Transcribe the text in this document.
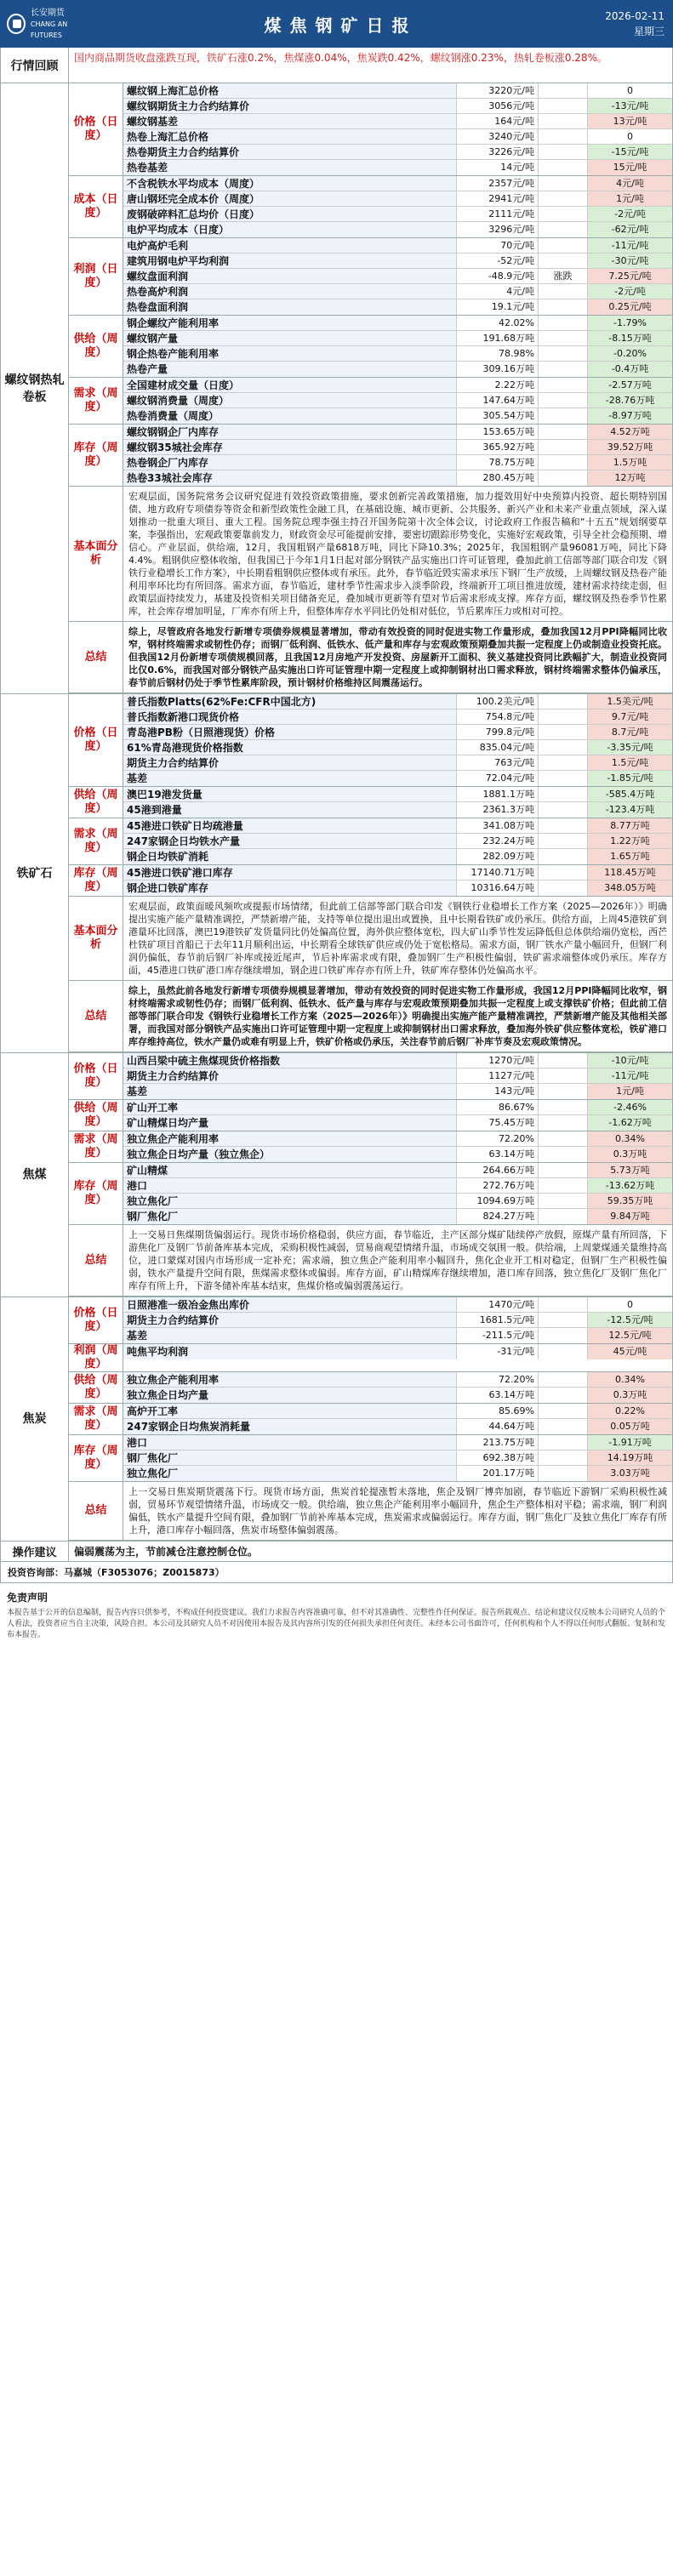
长安期货
CHANG AN FUTURES	煤焦钢矿日报	2026-02-11
星期三
行情回顾
国内商品期货收盘涨跌互现，铁矿石涨0.2%，焦煤涨0.04%，焦炭跌0.42%，螺纹钢涨0.23%，热轧卷板涨0.28%。
螺纹钢热轧卷板
价格（日度）
螺纹钢上海汇总价格	3220元/吨	0
螺纹钢期货主力合约结算价	3056元/吨	-13元/吨
螺纹钢基差	164元/吨	13元/吨
热卷上海汇总价格	3240元/吨	0
热卷期货主力合约结算价	3226元/吨	-15元/吨
热卷基差	14元/吨	15元/吨
成本（日度）
不含税铁水平均成本（周度）	2357元/吨	4元/吨
唐山钢坯完全成本价（周度）	2941元/吨	1元/吨
废钢破碎料汇总均价（日度）	2111元/吨	-2元/吨
电炉平均成本（日度）	3296元/吨	-62元/吨
利润（日度）
电炉高炉毛利	70元/吨	-11元/吨
建筑用钢电炉平均利润	-52元/吨	-30元/吨
螺纹盘面利润	-48.9元/吨	涨跌	7.25元/吨
热卷高炉利润	4元/吨	-2元/吨
热卷盘面利润	19.1元/吨	0.25元/吨
供给（周度）
钢企螺纹产能利用率	42.02%	-1.79%
螺纹钢产量	191.68万吨	-8.15万吨
钢企热卷产能利用率	78.98%	-0.20%
热卷产量	309.16万吨	-0.4万吨
需求（周度）
全国建材成交量（日度）	2.22万吨	-2.57万吨
螺纹钢消费量（周度）	147.64万吨	-28.76万吨
热卷消费量（周度）	305.54万吨	-8.97万吨
库存（周度）
螺纹钢钢企厂内库存	153.65万吨	4.52万吨
螺纹钢35城社会库存	365.92万吨	39.52万吨
热卷钢企厂内库存	78.75万吨	1.5万吨
热卷33城社会库存	280.45万吨	12万吨
基本面分析
宏观层面，国务院常务会议研究促进有效投资政策措施，要求创新完善政策措施，加力提效用好中央预算内投资、超长期特别国债、地方政府专项债券等资金和新型政策性金融工具，在基础设施、城市更新、公共服务、新兴产业和未来产业重点领域，深入谋划推动一批重大项目、重大工程。国务院总理李强主持召开国务院第十次全体会议，讨论政府工作报告稿和“十五五”规划纲要草案，李强指出，宏观政策要靠前发力，财政资金尽可能提前安排，要密切跟踪形势变化，实施好宏观政策，引导全社会稳预期、增信心。产业层面，供给端，12月，我国粗钢产量6818万吨，同比下降10.3%；2025年，我国粗钢产量96081万吨，同比下降4.4%。粗钢供应整体收缩，但我国已于今年1月1日起对部分钢铁产品实施出口许可证管理，叠加此前工信部等部门联合印发《钢铁行业稳增长工作方案》，中长期看粗钢供应整体或有承压。此外，春节临近毁实需求承压下钢厂生产放缓，上周螺纹钢及热卷产能利用率环比均有所回落。需求方面，春节临近，建材季节性需求步入淡季阶段，终端新开工项目推进放缓，建材需求持续走弱，但政策层面持续发力，基建及投资相关项目储备充足，叠加城市更新等有望对节后需求形成支撑。库存方面，螺纹钢及热卷季节性累库，社会库存增加明显，厂库亦有所上升，但整体库存水平同比仍处相对低位，节后累库压力或相对可控。
总结
综上，尽管政府各地发行新增专项债券规模显著增加，带动有效投资的同时促进实物工作量形成，叠加我国12月PPI降幅同比收窄，钢材终端需求或韧性仍存；而钢厂低利润、低铁水、低产量和库存与宏观政策预期叠加共振一定程度上仍或制造业投资托底。但我国12月份新增专项债规模回落，且我国12月房地产开发投资、房屋新开工面积、狭义基建投资同比跌幅扩大，制造业投资同比仅0.6%，而我国对部分钢铁产品实施出口许可证管理中期一定程度上或抑制钢材出口需求释放，钢材终端需求整体仍偏承压，春节前后钢材仍处于季节性累库阶段，预计钢材价格维持区间震荡运行。
铁矿石
价格（日度）
普氏指数Platts(62%Fe:CFR中国北方)	100.2美元/吨	1.5美元/吨
普氏指数新港口现货价格	754.8元/吨	9.7元/吨
青岛港PB粉（日照港现货）价格	799.8元/吨	8.7元/吨
61%青岛港现货价格指数	835.04元/吨	-3.35元/吨
期货主力合约结算价	763元/吨	1.5元/吨
基差	72.04元/吨	-1.85元/吨
供给（周度）
澳巴19港发货量	1881.1万吨	-585.4万吨
45港到港量	2361.3万吨	-123.4万吨
需求（周度）
45港进口铁矿日均疏港量	341.08万吨	8.77万吨
247家钢企日均铁水产量	232.24万吨	1.22万吨
钢企日均铁矿消耗	282.09万吨	1.65万吨
库存（周度）
45港进口铁矿港口库存	17140.71万吨	118.45万吨
钢企进口铁矿库存	10316.64万吨	348.05万吨
基本面分析
宏观层面，政策面暖风频吹或提振市场情绪，但此前工信部等部门联合印发《钢铁行业稳增长工作方案（2025—2026年）》明确提出实施产能产量精准调控，严禁新增产能，支持等单位提出退出或置换，且中长期看铁矿或仍承压。供给方面，上周45港铁矿到港量环比回落，澳巴19港铁矿发货量同比仍处偏高位置，海外供应整体宽松，四大矿山季节性发运降低但总体供给端仍宽松，西芒杜铁矿项目首船已于去年11月顺利出运，中长期看全球铁矿供应或仍处于宽松格局。需求方面，钢厂铁水产量小幅回升，但钢厂利润仍偏低，春节前后钢厂补库或接近尾声，节后补库需求或有限，叠加钢厂生产积极性偏弱，铁矿需求端整体或仍承压。库存方面，45港进口铁矿港口库存继续增加，钢企进口铁矿库存亦有所上升，铁矿库存整体仍处偏高水平。
总结
综上，虽然此前各地发行新增专项债券规模显著增加，带动有效投资的同时促进实物工作量形成，我国12月PPI降幅同比收窄，钢材终端需求或韧性仍存；而钢厂低利润、低铁水、低产量与库存与宏观政策预期叠加共振一定程度上或支撑铁矿价格；但此前工信部等部门联合印发《钢铁行业稳增长工作方案（2025—2026年）》明确提出实施产能产量精准调控，严禁新增产能及其他相关部署，而我国对部分钢铁产品实施出口许可证管理中期一定程度上或抑制钢材出口需求释放，叠加海外铁矿供应整体宽松，铁矿港口库存维持高位，铁水产量仍或难有明显上升，铁矿价格或仍承压，关注春节前后钢厂补库节奏及宏观政策情况。
焦煤
价格（日度）
山西吕梁中硫主焦煤现货价格指数	1270元/吨	-10元/吨
期货主力合约结算价	1127元/吨	-11元/吨
基差	143元/吨	1元/吨
供给（周度）
矿山开工率	86.67%	-2.46%
矿山精煤日均产量	75.45万吨	-1.62万吨
需求（周度）
独立焦企产能利用率	72.20%	0.34%
独立焦企日均产量（独立焦企）	63.14万吨	0.3万吨
库存（周度）
矿山精煤	264.66万吨	5.73万吨
港口	272.76万吨	-13.62万吨
独立焦化厂	1094.69万吨	59.35万吨
钢厂焦化厂	824.27万吨	9.84万吨
总结
上一交易日焦煤期货偏弱运行。现货市场价格稳弱，供应方面，春节临近，主产区部分煤矿陆续停产放假，原煤产量有所回落，下游焦化厂及钢厂节前备库基本完成，采购积极性减弱，贸易商观望情绪升温，市场成交氛围一般。供给端，上周蒙煤通关量维持高位，进口蒙煤对国内市场形成一定补充；需求端，独立焦企产能利用率小幅回升，焦化企业开工相对稳定，但钢厂生产积极性偏弱，铁水产量提升空间有限，焦煤需求整体或偏弱。库存方面，矿山精煤库存继续增加，港口库存回落，独立焦化厂及钢厂焦化厂库存有所上升，下游冬储补库基本结束，焦煤价格或偏弱震荡运行。
焦炭
价格（日度）
日照港准一级冶金焦出库价	1470元/吨	0
期货主力合约结算价	1681.5元/吨	-12.5元/吨
基差	-211.5元/吨	12.5元/吨
利润（周度）
吨焦平均利润	-31元/吨	45元/吨
供给（周度）
独立焦企产能利用率	72.20%	0.34%
独立焦企日均产量	63.14万吨	0.3万吨
需求（周度）
高炉开工率	85.69%	0.22%
247家钢企日均焦炭消耗量	44.64万吨	0.05万吨
库存（周度）
港口	213.75万吨	-1.91万吨
钢厂焦化厂	692.38万吨	14.19万吨
独立焦化厂	201.17万吨	3.03万吨
总结
上一交易日焦炭期货震荡下行。现货市场方面，焦炭首轮提涨暂未落地，焦企及钢厂博弈加剧，春节临近下游钢厂采购积极性减弱，贸易环节观望情绪升温，市场成交一般。供给端，独立焦企产能利用率小幅回升，焦企生产整体相对平稳；需求端，钢厂利润偏低，铁水产量提升空间有限，叠加钢厂节前补库基本完成，焦炭需求或偏弱运行。库存方面，钢厂焦化厂及独立焦化厂库存有所上升，港口库存小幅回落，焦炭市场整体偏弱震荡。
操作建议	偏弱震荡为主，节前减仓注意控制仓位。
投资咨询部：马嘉城（F3053076；Z0015873）
免责声明
本报告基于公开的信息编制，报告内容只供参考，不构成任何投资建议。我们力求报告内容准确可靠，但不对其准确性、完整性作任何保证。报告所载观点、结论和建议仅反映本公司研究人员的个人看法，投资者应当自主决策，风险自担。本公司及其研究人员不对因使用本报告及其内容所引发的任何损失承担任何责任。未经本公司书面许可，任何机构和个人不得以任何形式翻版、复制和发布本报告。
